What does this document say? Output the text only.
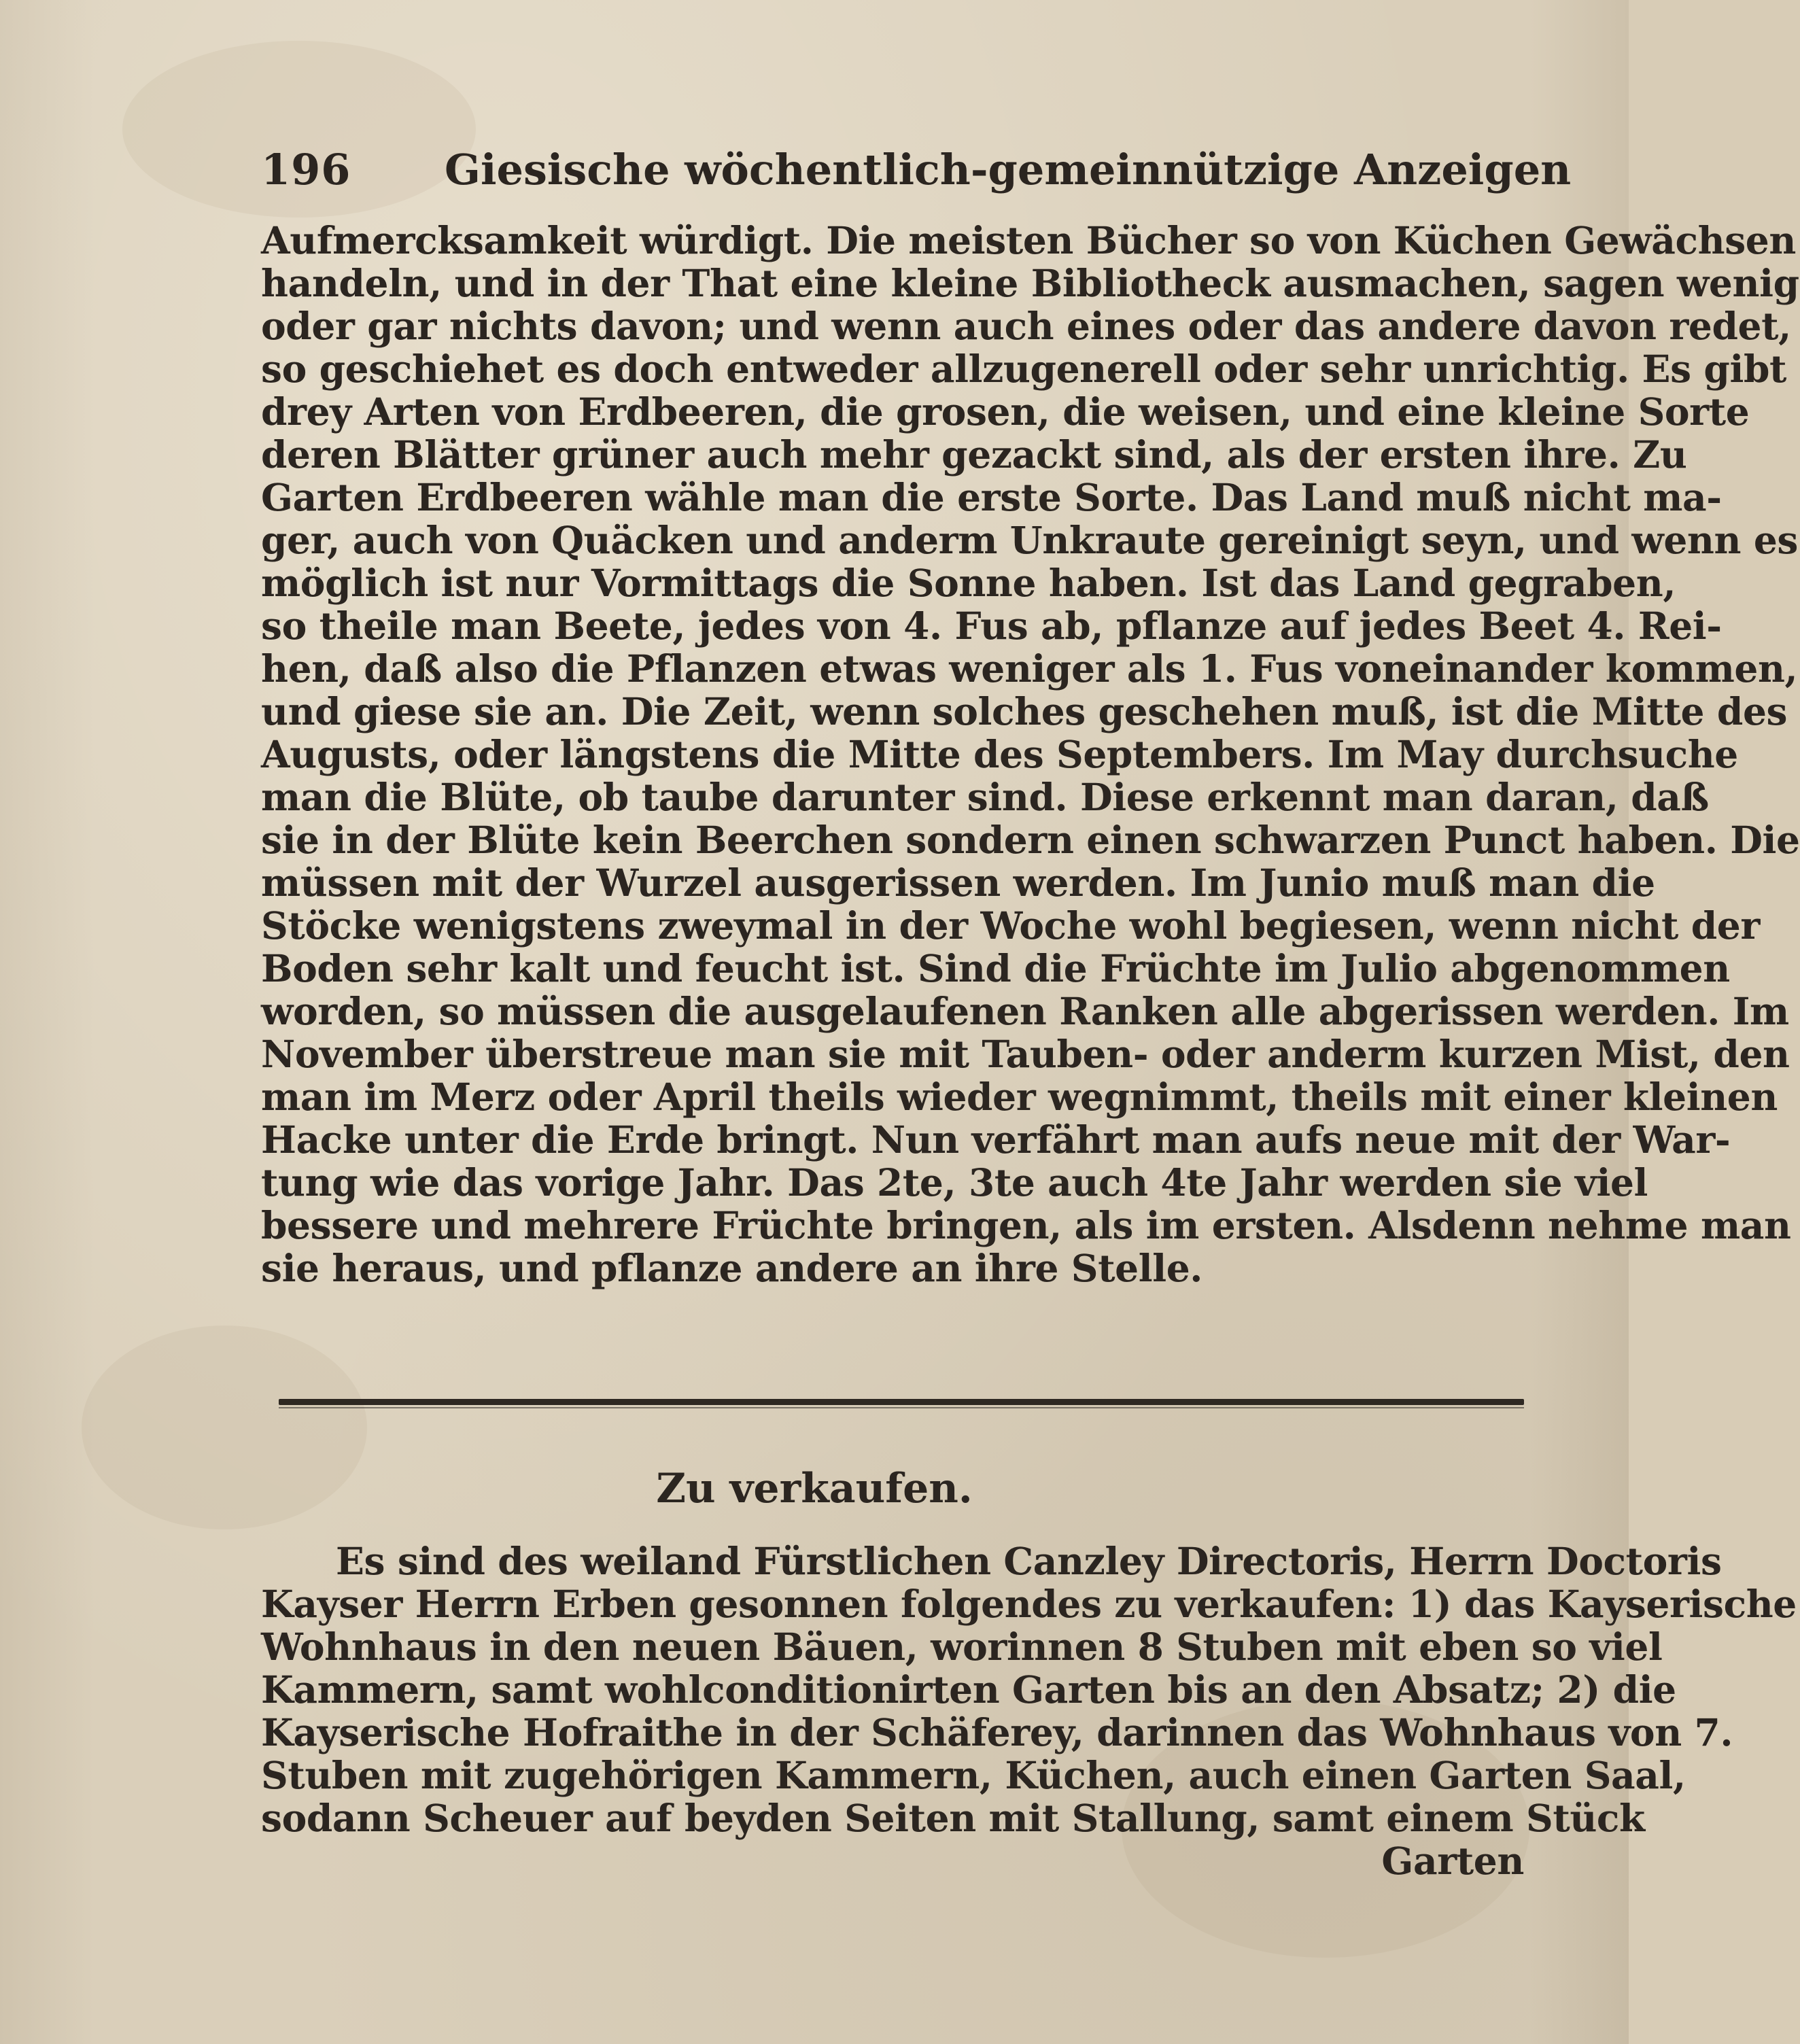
196 Giesische wöchentlich-gemeinnützige Anzeigen
Aufmercksamkeit würdigt. Die meisten Bücher so von Küchen Gewächsen
handeln, und in der That eine kleine Bibliotheck ausmachen, sagen wenig
oder gar nichts davon; und wenn auch eines oder das andere davon redet,
so geschiehet es doch entweder allzugenerell oder sehr unrichtig. Es gibt
drey Arten von Erdbeeren, die grosen, die weisen, und eine kleine Sorte
deren Blätter grüner auch mehr gezackt sind, als der ersten ihre. Zu
Garten Erdbeeren wähle man die erste Sorte. Das Land muß nicht ma-
ger, auch von Quäcken und anderm Unkraute gereinigt seyn, und wenn es
möglich ist nur Vormittags die Sonne haben. Ist das Land gegraben,
so theile man Beete, jedes von 4. Fus ab, pflanze auf jedes Beet 4. Rei-
hen, daß also die Pflanzen etwas weniger als 1. Fus voneinander kommen,
und giese sie an. Die Zeit, wenn solches geschehen muß, ist die Mitte des
Augusts, oder längstens die Mitte des Septembers. Im May durchsuche
man die Blüte, ob taube darunter sind. Diese erkennt man daran, daß
sie in der Blüte kein Beerchen sondern einen schwarzen Punct haben. Die
müssen mit der Wurzel ausgerissen werden. Im Junio muß man die
Stöcke wenigstens zweymal in der Woche wohl begiesen, wenn nicht der
Boden sehr kalt und feucht ist. Sind die Früchte im Julio abgenommen
worden, so müssen die ausgelaufenen Ranken alle abgerissen werden. Im
November überstreue man sie mit Tauben- oder anderm kurzen Mist, den
man im Merz oder April theils wieder wegnimmt, theils mit einer kleinen
Hacke unter die Erde bringt. Nun verfährt man aufs neue mit der War-
tung wie das vorige Jahr. Das 2te, 3te auch 4te Jahr werden sie viel
bessere und mehrere Früchte bringen, als im ersten. Alsdenn nehme man
sie heraus, und pflanze andere an ihre Stelle.
Zu verkaufen.
Es sind des weiland Fürstlichen Canzley Directoris, Herrn Doctoris
Kayser Herrn Erben gesonnen folgendes zu verkaufen: 1) das Kayserische
Wohnhaus in den neuen Bäuen, worinnen 8 Stuben mit eben so viel
Kammern, samt wohlconditionirten Garten bis an den Absatz; 2) die
Kayserische Hofraithe in der Schäferey, darinnen das Wohnhaus von 7.
Stuben mit zugehörigen Kammern, Küchen, auch einen Garten Saal,
sodann Scheuer auf beyden Seiten mit Stallung, samt einem Stück
Garten
